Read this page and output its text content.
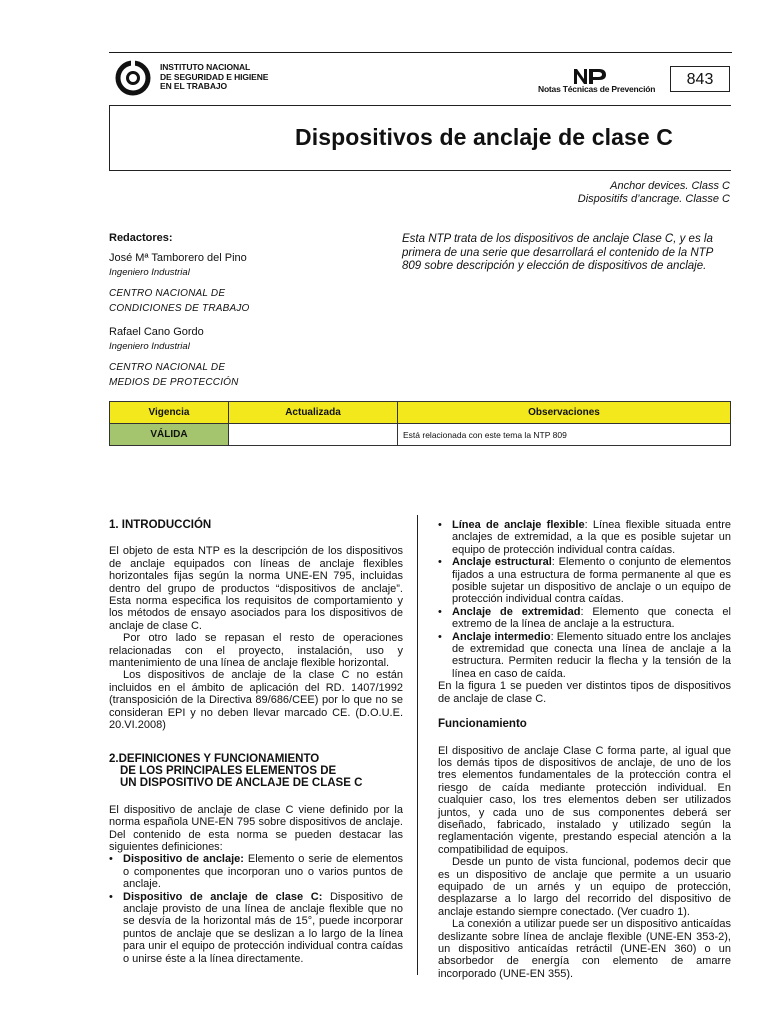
INSTITUTO NACIONAL
DE SEGURIDAD E HIGIENE
EN EL TRABAJO	Notas Técnicas de Prevención
843
Dispositivos de anclaje de clase C
Anchor devices. Class C
Dispositifs d’ancrage. Classe C
Redactores:
José Mª Tamborero del Pino
Ingeniero Industrial
CENTRO NACIONAL DE
CONDICIONES DE TRABAJO
Rafael Cano Gordo
Ingeniero Industrial
CENTRO NACIONAL DE
MEDIOS DE PROTECCIÓN
Esta NTP trata de los dispositivos de anclaje Clase C, y es la primera de una serie que desarrollará el contenido de la NTP 809 sobre descripción y elección de dispositivos de anclaje.
Vigencia	Actualizada	Observaciones
VÁLIDA		Está relacionada con este tema la NTP 809

1. INTRODUCCIÓN

El objeto de esta NTP es la descripción de los dispositivos de anclaje equipados con líneas de anclaje flexibles horizontales fijas según la norma UNE-EN 795, incluidas dentro del grupo de productos “dispositivos de anclaje”. Esta norma especifica los requisitos de comportamiento y los métodos de ensayo asociados para los dispositivos de anclaje de clase C.

Por otro lado se repasan el resto de operaciones relacionadas con el proyecto, instalación, uso y mantenimiento de una línea de anclaje flexible horizontal.

Los dispositivos de anclaje de la clase C no están incluidos en el ámbito de aplicación del RD. 1407/1992 (transposición de la Directiva 89/686/CEE) por lo que no se consideran EPI y no deben llevar marcado CE. (D.O.U.E. 20.VI.2008)

2.DEFINICIONES Y FUNCIONAMIENTO

DE LOS PRINCIPALES ELEMENTOS DE

UN DISPOSITIVO DE ANCLAJE DE CLASE C

El dispositivo de anclaje de clase C viene definido por la norma española UNE-EN 795 sobre dispositivos de anclaje. Del contenido de esta norma se pueden destacar las siguientes definiciones:

• Dispositivo de anclaje: Elemento o serie de elementos o componentes que incorporan uno o varios puntos de anclaje.
• Dispositivo de anclaje de clase C: Dispositivo de anclaje provisto de una línea de anclaje flexible que no se desvía de la horizontal más de 15°, puede incorporar puntos de anclaje que se deslizan a lo largo de la línea para unir el equipo de protección individual contra caídas o unirse éste a la línea directamente.
• Línea de anclaje flexible: Línea flexible situada entre anclajes de extremidad, a la que es posible sujetar un equipo de protección individual contra caídas.
• Anclaje estructural: Elemento o conjunto de elementos fijados a una estructura de forma permanente al que es posible sujetar un dispositivo de anclaje o un equipo de protección individual contra caídas.
• Anclaje de extremidad: Elemento que conecta el extremo de la línea de anclaje a la estructura.
• Anclaje intermedio: Elemento situado entre los anclajes de extremidad que conecta una línea de anclaje a la estructura. Permiten reducir la flecha y la tensión de la línea en caso de caída.

En la figura 1 se pueden ver distintos tipos de dispositivos de anclaje de clase C.

Funcionamiento

El dispositivo de anclaje Clase C forma parte, al igual que los demás tipos de dispositivos de anclaje, de uno de los tres elementos fundamentales de la protección contra el riesgo de caída mediante protección individual. En cualquier caso, los tres elementos deben ser utilizados juntos, y cada uno de sus componentes deberá ser diseñado, fabricado, instalado y utilizado según la reglamentación vigente, prestando especial atención a la compatibilidad de equipos.

Desde un punto de vista funcional, podemos decir que es un dispositivo de anclaje que permite a un usuario equipado de un arnés y un equipo de protección, desplazarse a lo largo del recorrido del dispositivo de anclaje estando siempre conectado. (Ver cuadro 1).

La conexión a utilizar puede ser un dispositivo anticaídas deslizante sobre línea de anclaje flexible (UNE-EN 353-2), un dispositivo anticaídas retráctil (UNE-EN 360) o un absorbedor de energía con elemento de amarre incorporado (UNE-EN 355).
